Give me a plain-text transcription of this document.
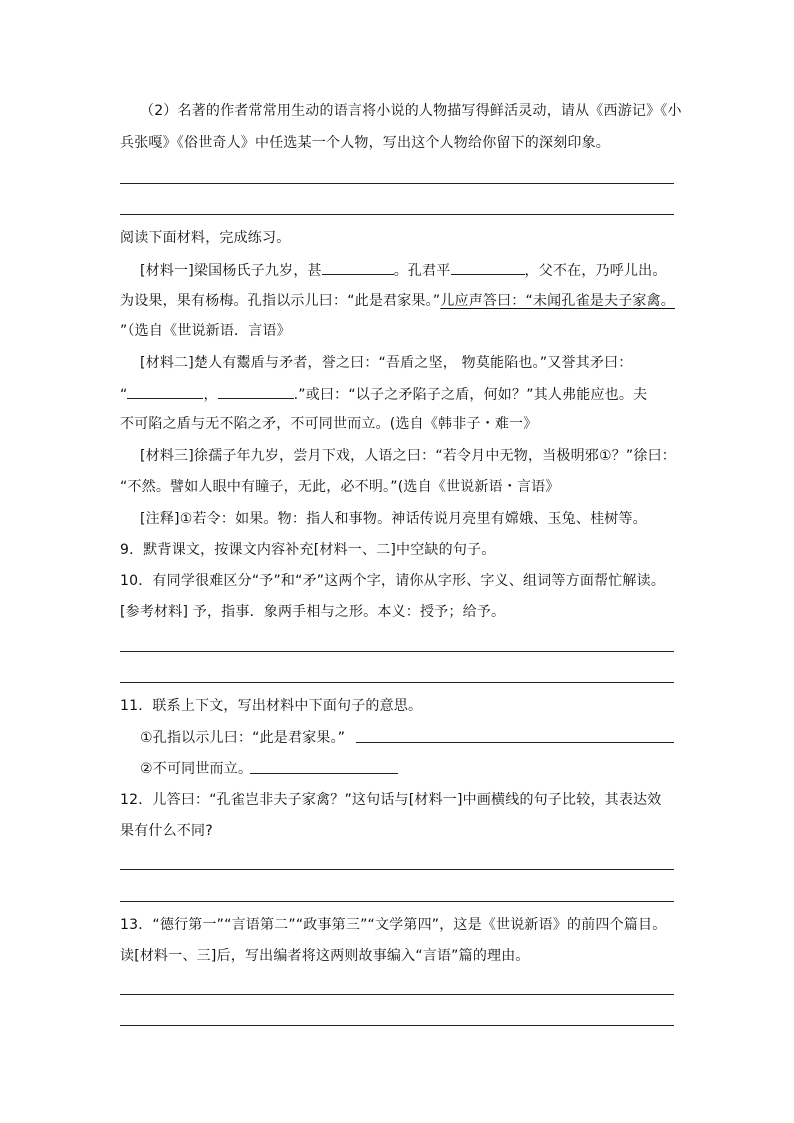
（2）名著的作者常常用生动的语言将小说的人物描写得鲜活灵动，请从《西游记》《小
兵张嘎》《俗世奇人》中任选某一个人物，写出这个人物给你留下的深刻印象。
阅读下面材料，完成练习。
[材料一]梁国杨氏子九岁，甚	。孔君平	，父不在，乃呼儿出。
为设果，果有杨梅。孔指以示儿曰：“此是君家果。”儿应声答曰：“未闻孔雀是夫子家禽。
”（选自《世说新语．言语》
[材料二]楚人有鬻盾与矛者，誉之曰：“吾盾之坚， 物莫能陷也。”又誉其矛曰：
“	，	.”或曰：“以子之矛陷子之盾，何如？”其人弗能应也。夫
不可陷之盾与无不陷之矛，不可同世而立。(选自《韩非子・难一》
[材料三]徐孺子年九岁，尝月下戏，人语之曰：“若令月中无物，当极明邪①？”徐曰：
“不然。譬如人眼中有瞳子，无此，必不明。”(选自《世说新语・言语》
[注释]①若令：如果。物：指人和事物。神话传说月亮里有嫦娥、玉兔、桂树等。
9．默背课文，按课文内容补充[材料一、二]中空缺的句子。
10．有同学很难区分“予”和“矛”这两个字，请你从字形、字义、组词等方面帮忙解读。
[参考材料] 予，指事．象两手相与之形。本义：授予；给予。
11．联系上下文，写出材料中下面句子的意思。
①孔指以示儿曰：“此是君家果。”
②不可同世而立。
12．儿答曰：“孔雀岂非夫子家禽？”这句话与[材料一]中画横线的句子比较，其表达效
果有什么不同?
13．“德行第一”“言语第二”“政事第三”“文学第四”，这是《世说新语》的前四个篇目。
读[材料一、三]后，写出编者将这两则故事编入“言语”篇的理由。
